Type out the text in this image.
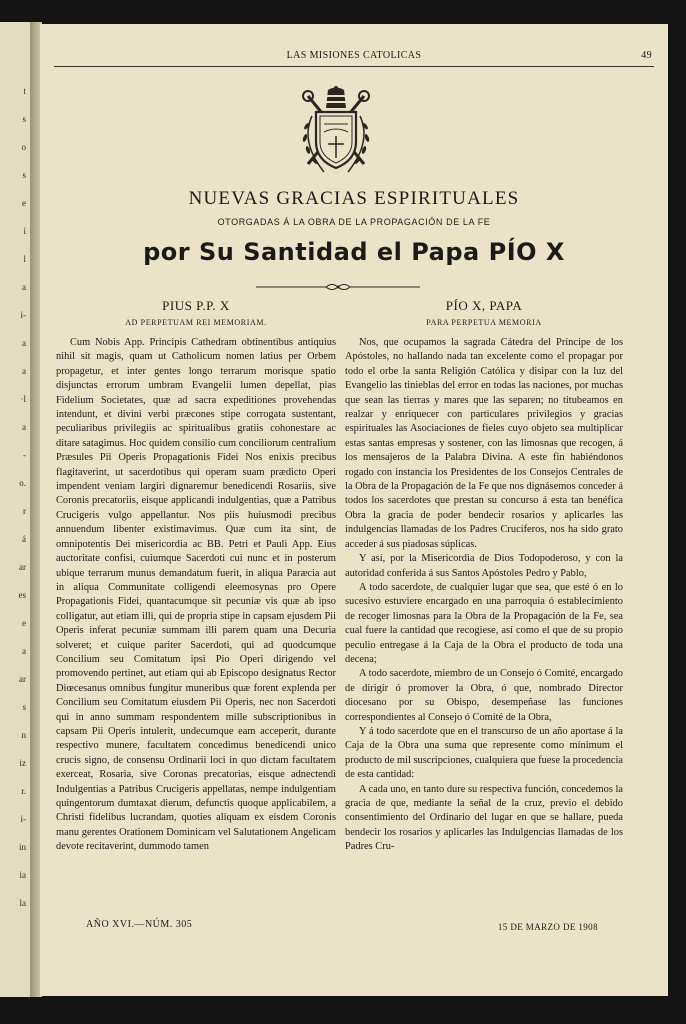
t
s
o
s
e
í
l
a
i-
a
a
·l
a
-
o.
r
á
ar
es
e
a
ar
s
n
iz
r.
i-
in
ia
la
LAS MISIONES CATOLICAS	49
NUEVAS GRACIAS ESPIRITUALES
OTORGADAS Á LA OBRA DE LA PROPAGACIÓN DE LA FE
por Su Santidad el Papa PÍO X
PIUS P.P. X
AD PERPETUAM REI MEMORIAM.

Cum Nobis App. Principis Cathedram obtinentibus antiquius nihil sit magis, quam ut Catholicum nomen latius per Orbem propagetur, et inter gentes longo terrarum morisque spatio disjunctas errorum umbram Evangelii lumen depellat, pias Fidelium Societates, quæ ad sacra expeditiones provehendas intendunt, et divini verbi præcones stipe corrogata sustentant, peculiaribus privilegiis ac spiritualibus gratiis cohonestare ac ditare satagimus. Hoc quidem consilio cum conciliorum centralium Præsules Pii Operis Propagationis Fidei Nos enixis precibus flagitaverint, ut sacerdotibus qui operam suam prædicto Operi impendent veniam largiri dignaremur benedicendi Rosariis, sive Coronis precatoriis, eisque applicandi indulgentias, quæ a Patribus Crucigeris vulgo appellantur. Nos piis huiusmodi precibus annuendum libenter existimavimus. Quæ cum ita sint, de omnipotentis Dei misericordia ac BB. Petri et Pauli App. Eius auctoritate confisi, cuiumque Sacerdoti cui nunc et in posterum ubique terrarum munus demandatum fuerit, in aliqua Paræcia aut in aliqua Communitate colligendi eleemosynas pro Opere Propagationis Fidei, quantacumque sit pecuniæ vis quæ ab ipso colligatur, aut etiam illi, qui de propria stipe in capsam ejusdem Pii Operis inferat pecuniæ summam illi parem quam una Decuria solveret; et cuique pariter Sacerdoti, qui ad quodcumque Concilium seu Comitatum ipsi Pio Operi dirigendo vel promovendo pertinet, aut etiam qui ab Episcopo designatus Rector Diœcesanus omnibus fungitur muneribus quæ forent explenda per Concilium seu Comitatum eiusdem Pii Operis, nec non Sacerdoti qui in anno summam respondentem mille subscriptionibus in capsam Pii Operis intulerit, undecumque eam acceperit, durante respectivo munere, facultatem concedimus benedicendi unico crucis signo, de consensu Ordinarii loci in quo dictam facultatem exerceat, Rosaria, sive Coronas precatorias, eisque adnectendi Indulgentias a Patribus Crucigeris appellatas, nempe indulgentiam quingentorum dumtaxat dierum, defunctis quoque applicabilem, a Christi fidelibus lucrandam, quoties aliquam ex eisdem Coronis manu gerentes Orationem Dominicam vel Salutationem Angelicam devote recitaverint, dummodo tamen

PÍO X, PAPA
PARA PERPETUA MEMORIA

Nos, que ocupamos la sagrada Cátedra del Príncipe de los Apóstoles, no hallando nada tan excelente como el propagar por todo el orbe la santa Religión Católica y disipar con la luz del Evangelio las tinieblas del error en todas las naciones, por muchas que sean las tierras y mares que las separen; no titubeamos en realzar y enriquecer con particulares privilegios y gracias espirituales las Asociaciones de fieles cuyo objeto sea multiplicar estas santas empresas y sostener, con las limosnas que recogen, á los mensajeros de la Palabra Divina. A este fin habiéndonos rogado con instancia los Presidentes de los Consejos Centrales de la Obra de la Propagación de la Fe que nos dignásemos conceder á todos los sacerdotes que prestan su concurso á esta tan benéfica Obra la gracia de poder bendecir rosarios y aplicarles las indulgencias llamadas de los Padres Crucíferos, nos ha sido grato acceder á sus piadosas súplicas.

Y así, por la Misericordia de Dios Todopoderoso, y con la autoridad conferida á sus Santos Apóstoles Pedro y Pablo,

A todo sacerdote, de cualquier lugar que sea, que esté ó en lo sucesivo estuviere encargado en una parroquia ó establecimiento de recoger limosnas para la Obra de la Propagación de la Fe, sea cual fuere la cantidad que recogiese, así como el que de su propio peculio entregase á la Caja de la Obra el producto de toda una decena;

A todo sacerdote, miembro de un Consejo ó Comité, encargado de dirigir ó promover la Obra, ó que, nombrado Director diocesano por su Obispo, desempeñase las funciones correspondientes al Consejo ó Comité de la Obra,

Y á todo sacerdote que en el transcurso de un año aportase á la Caja de la Obra una suma que represente como mínimum el producto de mil suscripciones, cualquiera que fuese la procedencia de esta cantidad:

A cada uno, en tanto dure su respectiva función, concedemos la gracia de que, mediante la señal de la cruz, previo el debido consentimiento del Ordinario del lugar en que se hallare, pueda bendecir los rosarios y aplicarles las Indulgencias llamadas de los Padres Cru-

AÑO XVI.—NÚM. 305	15 DE MARZO DE 1908
